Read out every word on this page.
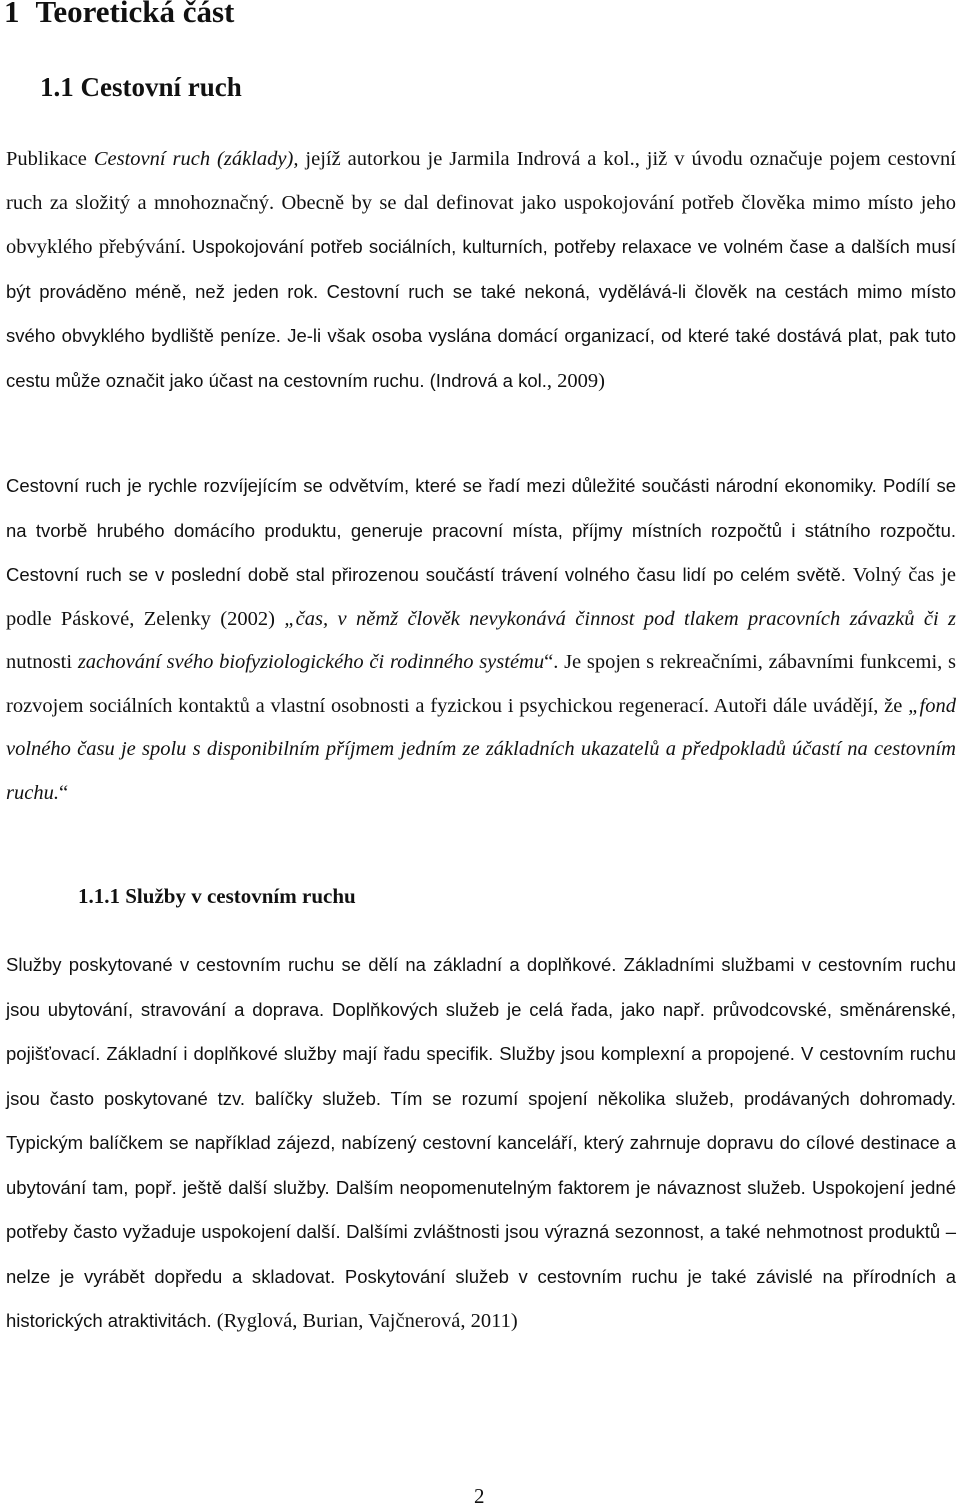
1 Teoretická část
1.1 Cestovní ruch

Publikace Cestovní ruch (základy), jejíž autorkou je Jarmila Indrová a kol., již v úvodu označuje pojem cestovní ruch za složitý a mnohoznačný. Obecně by se dal definovat jako uspokojování potřeb člověka mimo místo jeho obvyklého přebývání. Uspokojování potřeb sociálních, kulturních, potřeby relaxace ve volném čase a dalších musí být prováděno méně, než jeden rok. Cestovní ruch se také nekoná, vydělává-li člověk na cestách mimo místo svého obvyklého bydliště peníze. Je-li však osoba vyslána domácí organizací, od které také dostává plat, pak tuto cestu může označit jako účast na cestovním ruchu. (Indrová a kol., 2009)

Cestovní ruch je rychle rozvíjejícím se odvětvím, které se řadí mezi důležité součásti národní ekonomiky. Podílí se na tvorbě hrubého domácího produktu, generuje pracovní místa, příjmy místních rozpočtů i státního rozpočtu. Cestovní ruch se v poslední době stal přirozenou součástí trávení volného času lidí po celém světě. Volný čas je podle Páskové, Zelenky (2002) „čas, v němž člověk nevykonává činnost pod tlakem pracovních závazků či z nutnosti zachování svého biofyziologického či rodinného systému“. Je spojen s rekreačními, zábavními funkcemi, s rozvojem sociálních kontaktů a vlastní osobnosti a fyzickou i psychickou regenerací. Autoři dále uvádějí, že „fond volného času je spolu s disponibilním příjmem jedním ze základních ukazatelů a předpokladů účastí na cestovním ruchu.“

1.1.1 Služby v cestovním ruchu

Služby poskytované v cestovním ruchu se dělí na základní a doplňkové. Základními službami v cestovním ruchu jsou ubytování, stravování a doprava. Doplňkových služeb je celá řada, jako např. průvodcovské, směnárenské, pojišťovací. Základní i doplňkové služby mají řadu specifik. Služby jsou komplexní a propojené. V cestovním ruchu jsou často poskytované tzv. balíčky služeb. Tím se rozumí spojení několika služeb, prodávaných dohromady. Typickým balíčkem se například zájezd, nabízený cestovní kanceláří, který zahrnuje dopravu do cílové destinace a ubytování tam, popř. ještě další služby. Dalším neopomenutelným faktorem je návaznost služeb. Uspokojení jedné potřeby často vyžaduje uspokojení další. Dalšími zvláštnosti jsou výrazná sezonnost, a také nehmotnost produktů – nelze je vyrábět dopředu a skladovat. Poskytování služeb v cestovním ruchu je také závislé na přírodních a historických atraktivitách. (Ryglová, Burian, Vajčnerová, 2011)

2
